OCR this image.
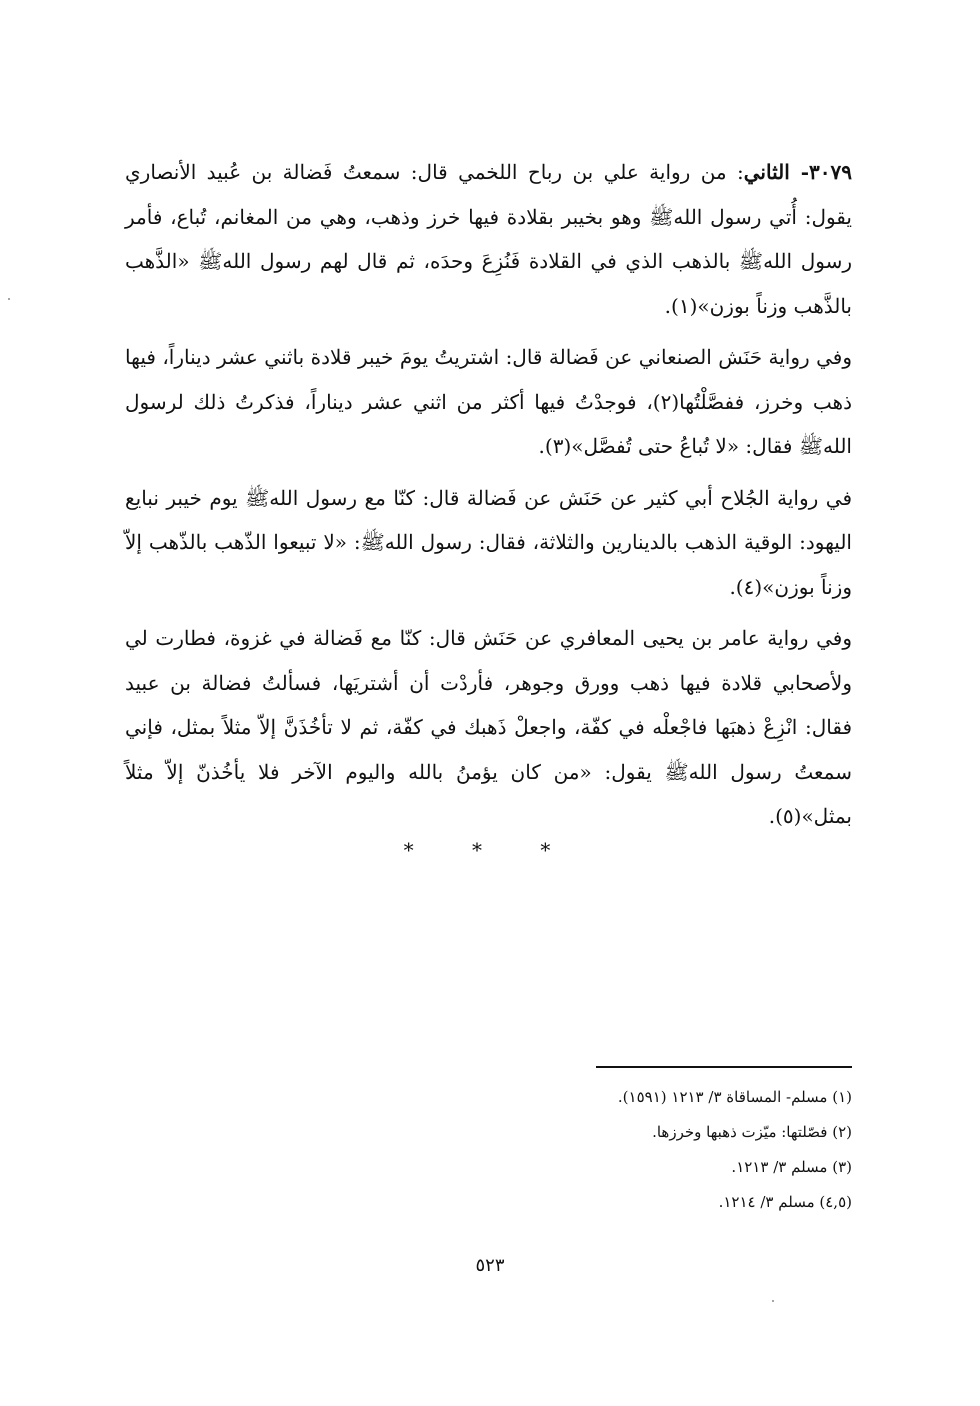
٣٠٧٩- الثاني: من رواية علي بن رباح اللخمي قال: سمعتُ فَضالة بن عُبيد الأنصاري يقول: أُتي رسول اللهﷺ وهو بخيبر بقلادة فيها خرز وذهب، وهي من المغانم، تُباع، فأمر رسول اللهﷺ بالذهب الذي في القلادة فَنُزِعَ وحدَه، ثم قال لهم رسول اللهﷺ «الذَّهب بالذَّهب وزناً بوزن»(١).

وفي رواية حَنَش الصنعاني عن فَضالة قال: اشتريتُ يومَ خيبر قلادة باثني عشر ديناراً، فيها ذهب وخرز، ففصَّلْتُها(٢)، فوجدْتُ فيها أكثر من اثني عشر ديناراً، فذكرتُ ذلك لرسول اللهﷺ فقال: «لا تُباعُ حتى تُفصَّل»(٣).

في رواية الجُلاح أبي كثير عن حَنَش عن فَضالة قال: كنّا مع رسول اللهﷺ يوم خيبر نبايع اليهود: الوقية الذهب بالدينارين والثلاثة، فقال: رسول اللهﷺ: «لا تبيعوا الذّهب بالذّهب إلاّ وزناً بوزن»(٤).

وفي رواية عامر بن يحيى المعافري عن حَنَش قال: كنّا مع فَضالة في غزوة، فطارت لي ولأصحابي قلادة فيها ذهب وورق وجوهر، فأردْت أن أشتريَها، فسألتُ فضالة بن عبيد فقال: انْزِعْ ذهبَها فاجْعلْه في كفّة، واجعلْ ذَهبك في كفّة، ثم لا تأخُذَنَّ إلاّ مثلاً بمثل، فإني سمعتُ رسول اللهﷺ يقول: «من كان يؤمنُ بالله واليوم الآخر فلا يأخُذنّ إلاّ مثلاً بمثل»(٥).

* * *

(١) مسلم- المساقاة ٣/ ١٢١٣ (١٥٩١).

(٢) فصّلتها: ميّزت ذهبها وخرزها.

(٣) مسلم ٣/ ١٢١٣.

(٤,٥) مسلم ٣/ ١٢١٤.

٥٢٣
